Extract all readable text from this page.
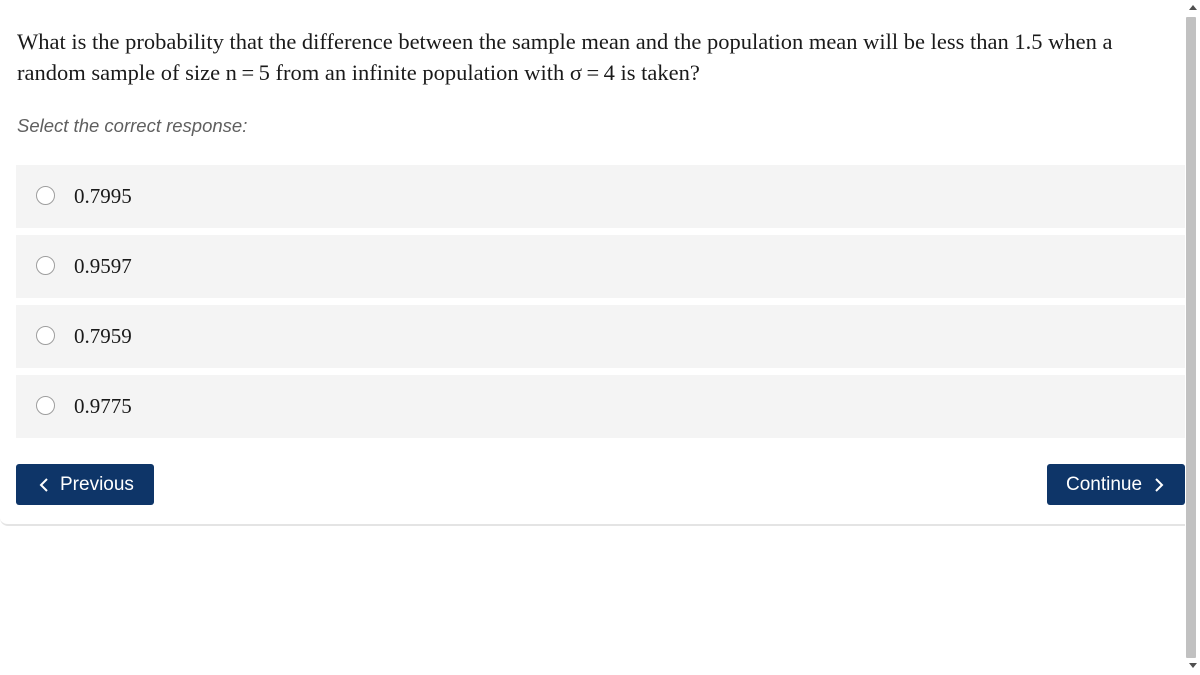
What is the probability that the difference between the sample mean and the population mean will be less than 1.5 when a
random sample of size n = 5 from an infinite population with σ = 4 is taken?
Select the correct response:
0.7995
0.9597
0.7959
0.9775
Previous	Continue
